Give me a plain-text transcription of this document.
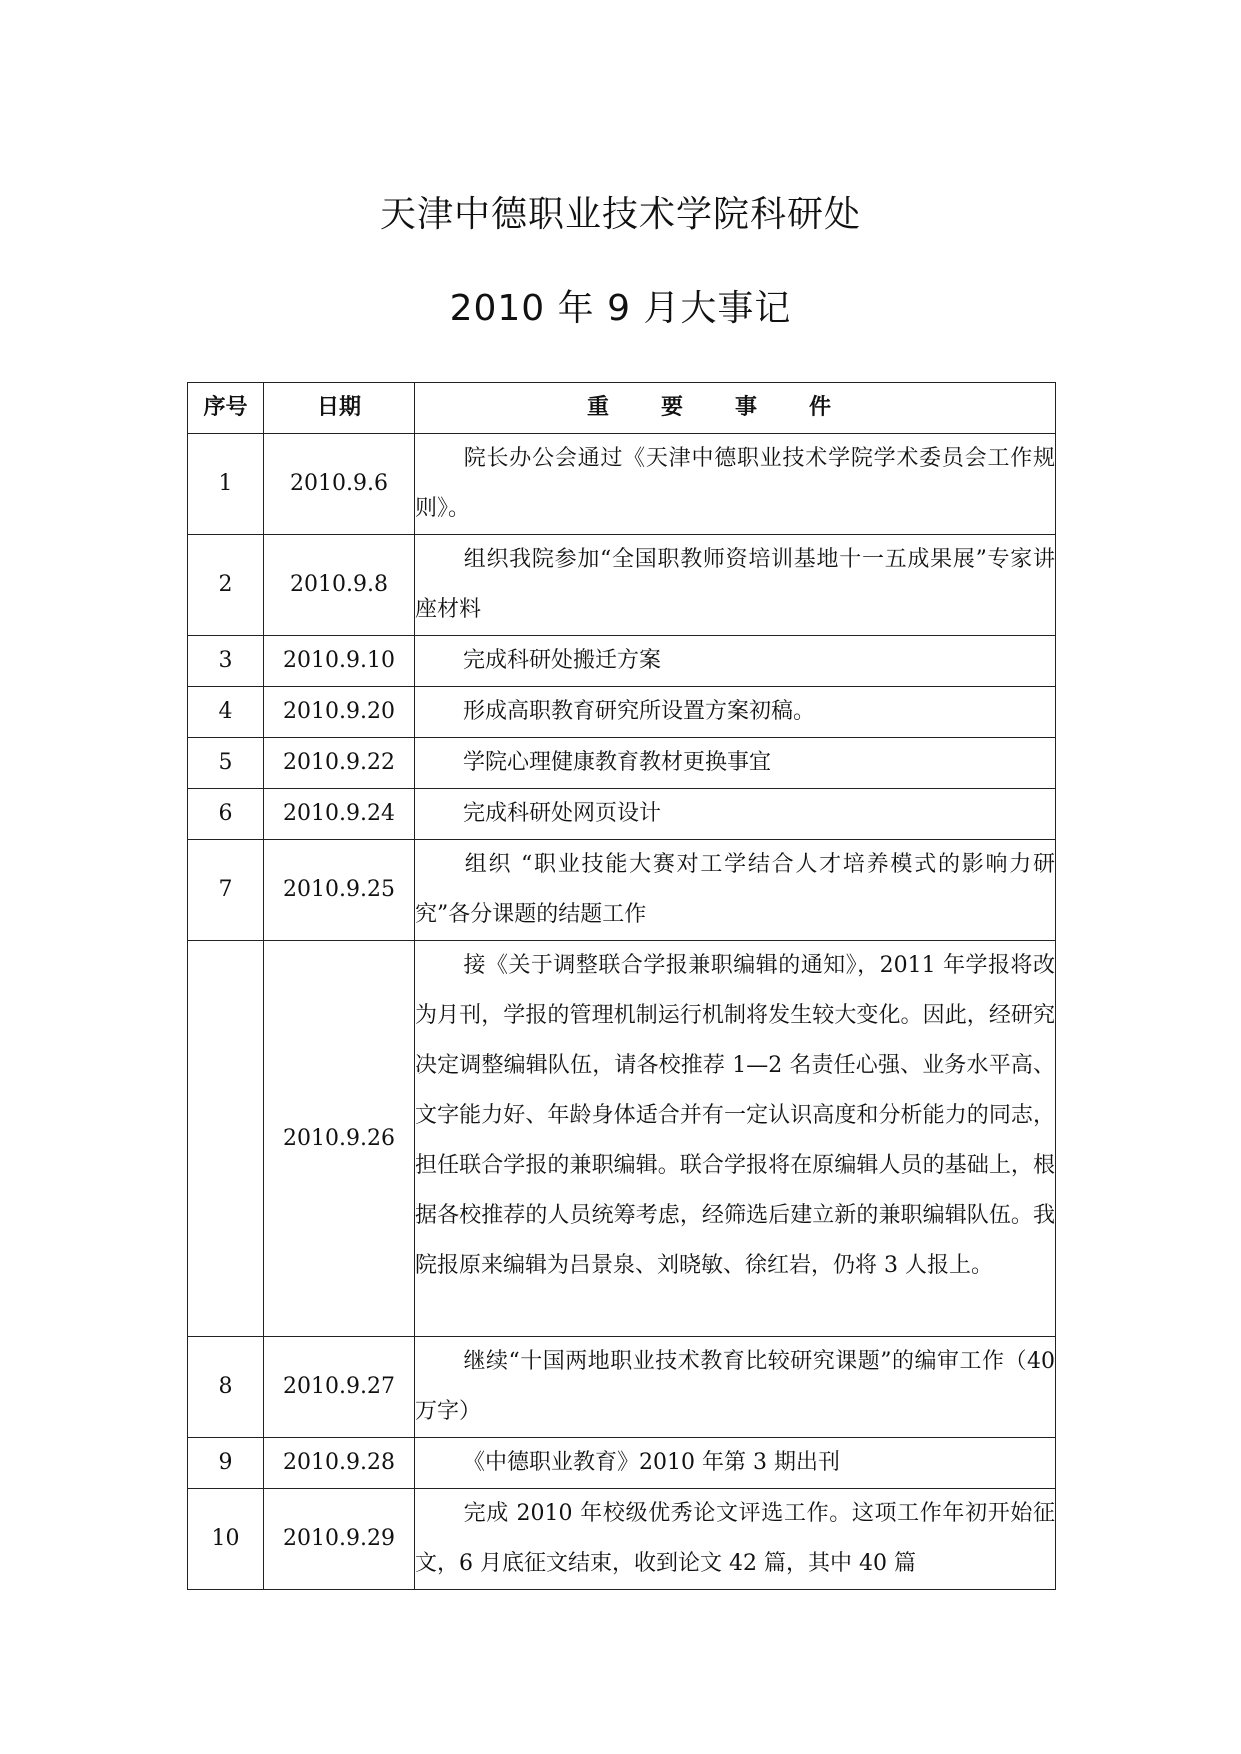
天津中德职业技术学院科研处
2010 年 9 月大事记
序号	日期	重要事件
1	2010.9.6	院长办公会通过《天津中德职业技术学院学术委员会工作规则》。
2	2010.9.8	组织我院参加“全国职教师资培训基地十一五成果展”专家讲座材料
3	2010.9.10	完成科研处搬迁方案
4	2010.9.20	形成高职教育研究所设置方案初稿。
5	2010.9.22	学院心理健康教育教材更换事宜
6	2010.9.24	完成科研处网页设计
7	2010.9.25	组织 “职业技能大赛对工学结合人才培养模式的影响力研究”各分课题的结题工作
	2010.9.26	接《关于调整联合学报兼职编辑的通知》，2011 年学报将改为月刊，学报的管理机制运行机制将发生较大变化。因此，经研究决定调整编辑队伍，请各校推荐 1—2 名责任心强、业务水平高、文字能力好、年龄身体适合并有一定认识高度和分析能力的同志，担任联合学报的兼职编辑。联合学报将在原编辑人员的基础上，根据各校推荐的人员统筹考虑，经筛选后建立新的兼职编辑队伍。我院报原来编辑为吕景泉、刘晓敏、徐红岩，仍将 3 人报上。
8	2010.9.27	继续“十国两地职业技术教育比较研究课题”的编审工作（40 万字）
9	2010.9.28	《中德职业教育》2010 年第 3 期出刊
10	2010.9.29	完成 2010 年校级优秀论文评选工作。这项工作年初开始征文，6 月底征文结束，收到论文 42 篇，其中 40 篇
